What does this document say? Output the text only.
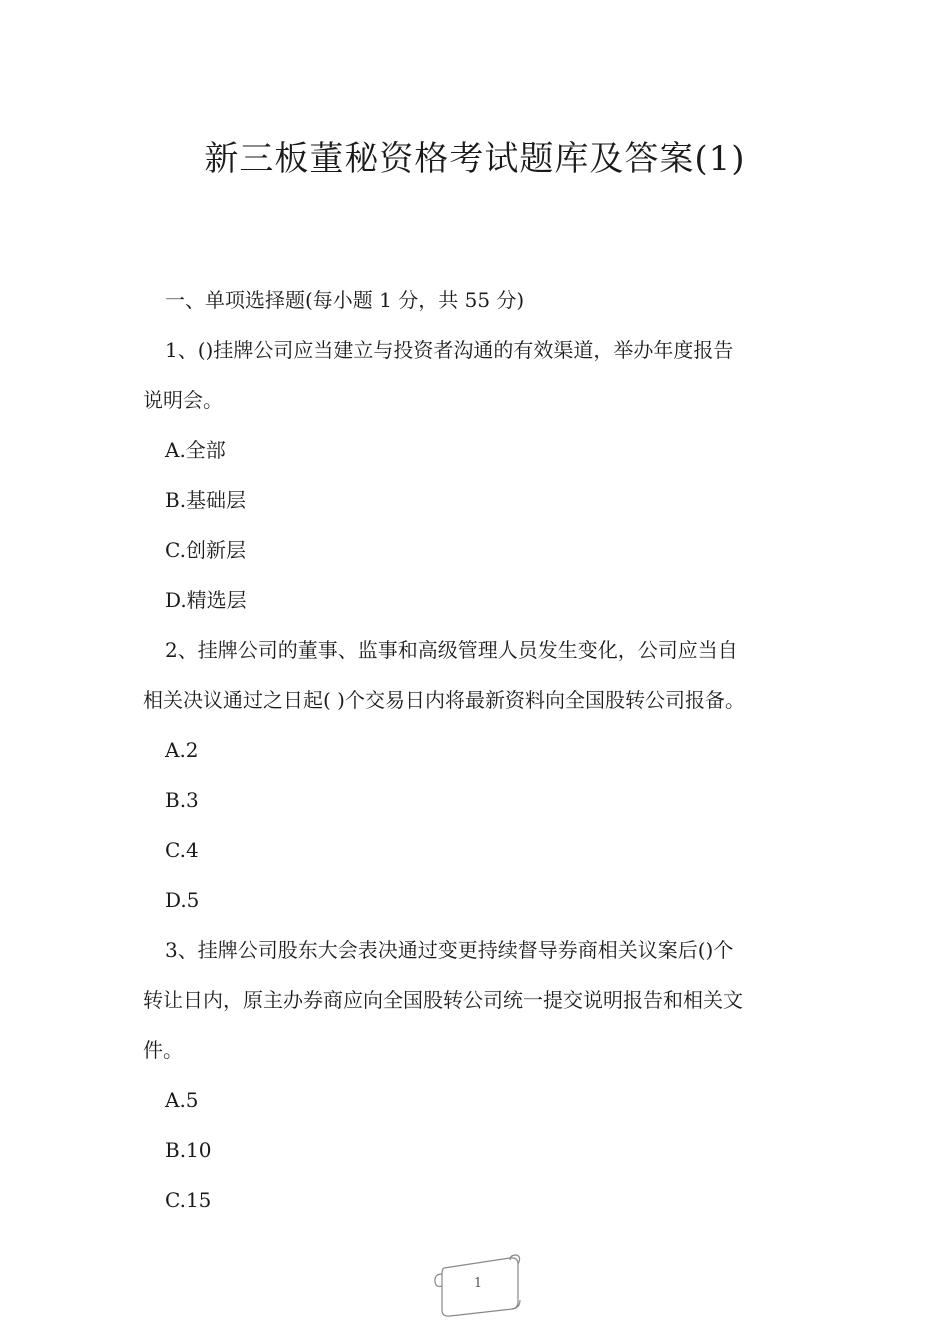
新三板董秘资格考试题库及答案(1)
一、单项选择题(每小题 1 分，共 55 分)
1、()挂牌公司应当建立与投资者沟通的有效渠道，举办年度报告
说明会。
A.全部
B.基础层
C.创新层
D.精选层
2、挂牌公司的董事、监事和高级管理人员发生变化，公司应当自
相关决议通过之日起( )个交易日内将最新资料向全国股转公司报备。
A.2
B.3
C.4
D.5
3、挂牌公司股东大会表决通过变更持续督导券商相关议案后()个
转让日内，原主办券商应向全国股转公司统一提交说明报告和相关文
件。
A.5
B.10
C.15
1
